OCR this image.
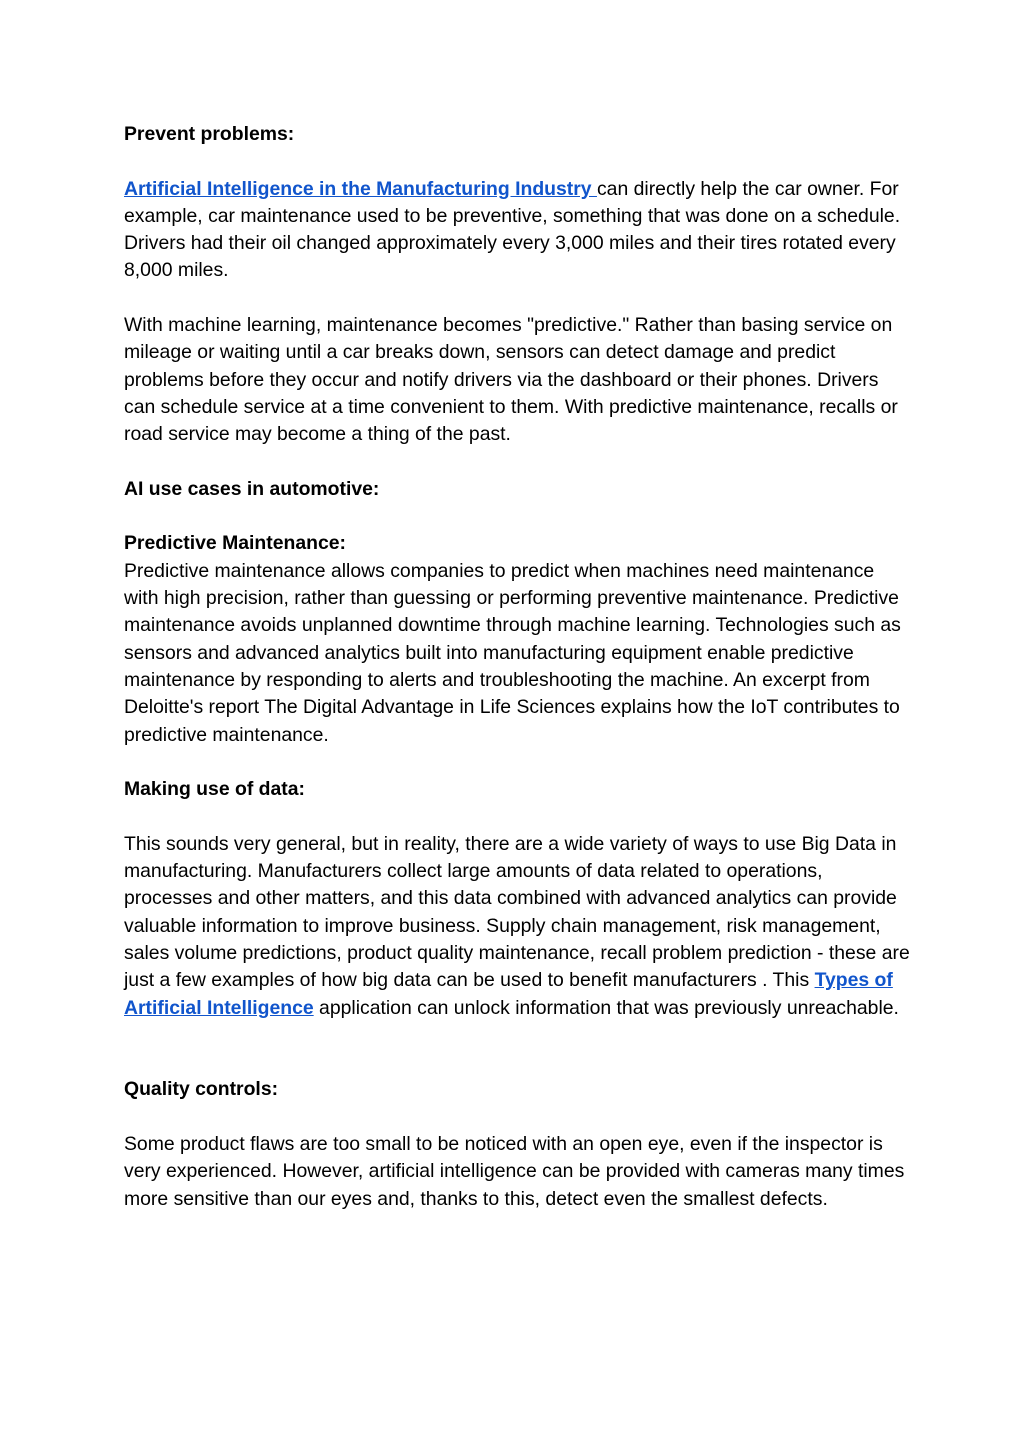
Prevent problems:

Artificial Intelligence in the Manufacturing Industry can directly help the car owner. For example, car maintenance used to be preventive, something that was done on a schedule. Drivers had their oil changed approximately every 3,000 miles and their tires rotated every 8,000 miles.

With machine learning, maintenance becomes "predictive." Rather than basing service on mileage or waiting until a car breaks down, sensors can detect damage and predict problems before they occur and notify drivers via the dashboard or their phones. Drivers can schedule service at a time convenient to them. With predictive maintenance, recalls or road service may become a thing of the past.

AI use cases in automotive:

Predictive Maintenance:

Predictive maintenance allows companies to predict when machines need maintenance with high precision, rather than guessing or performing preventive maintenance. Predictive maintenance avoids unplanned downtime through machine learning. Technologies such as sensors and advanced analytics built into manufacturing equipment enable predictive maintenance by responding to alerts and troubleshooting the machine. An excerpt from Deloitte's report The Digital Advantage in Life Sciences explains how the IoT contributes to predictive maintenance.

Making use of data:

This sounds very general, but in reality, there are a wide variety of ways to use Big Data in manufacturing. Manufacturers collect large amounts of data related to operations, processes and other matters, and this data combined with advanced analytics can provide valuable information to improve business. Supply chain management, risk management, sales volume predictions, product quality maintenance, recall problem prediction - these are just a few examples of how big data can be used to benefit manufacturers . This Types of Artificial Intelligence application can unlock information that was previously unreachable.

Quality controls:

Some product flaws are too small to be noticed with an open eye, even if the inspector is very experienced. However, artificial intelligence can be provided with cameras many times more sensitive than our eyes and, thanks to this, detect even the smallest defects.
